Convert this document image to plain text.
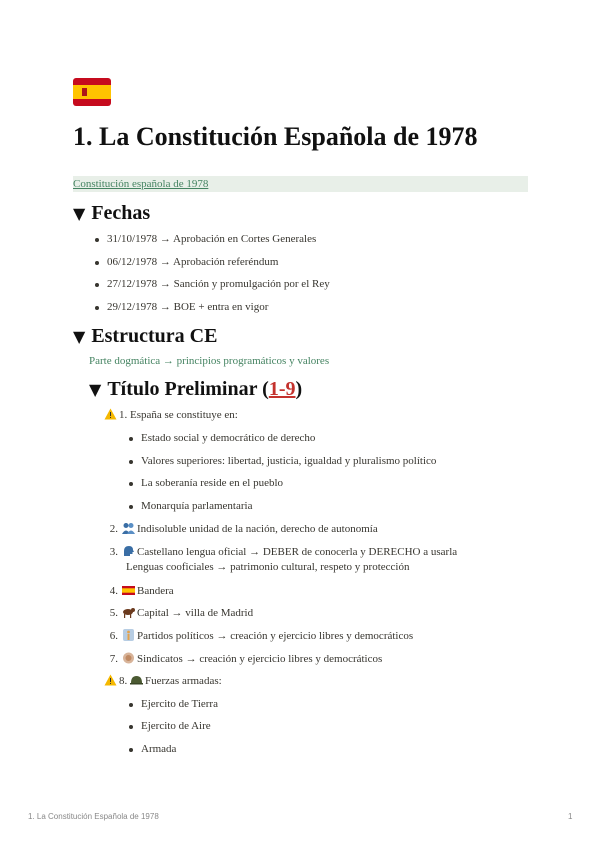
1. La Constitución Española de 1978
Constitución española de 1978
▼ Fechas
31/10/1978 → Aprobación en Cortes Generales
06/12/1978 → Aprobación referéndum
27/12/1978 → Sanción y promulgación por el Rey
29/12/1978 → BOE + entra en vigor
▼ Estructura CE
Parte dogmática → principios programáticos y valores
▼ Título Preliminar (1-9)
1. España se constituye en:
Estado social y democrático de derecho
Valores superiores: libertad, justicia, igualdad y pluralismo político
La soberanía reside en el pueblo
Monarquía parlamentaria
2. Indisoluble unidad de la nación, derecho de autonomía
3. Castellano lengua oficial → DEBER de conocerla y DERECHO a usarla
Lenguas cooficiales → patrimonio cultural, respeto y protección
4. Bandera
5. Capital → villa de Madrid
6. Partidos políticos → creación y ejercicio libres y democráticos
7. Sindicatos → creación y ejercicio libres y democráticos
8. Fuerzas armadas:
Ejercito de Tierra
Ejercito de Aire
Armada
1. La Constitución Española de 1978	1
